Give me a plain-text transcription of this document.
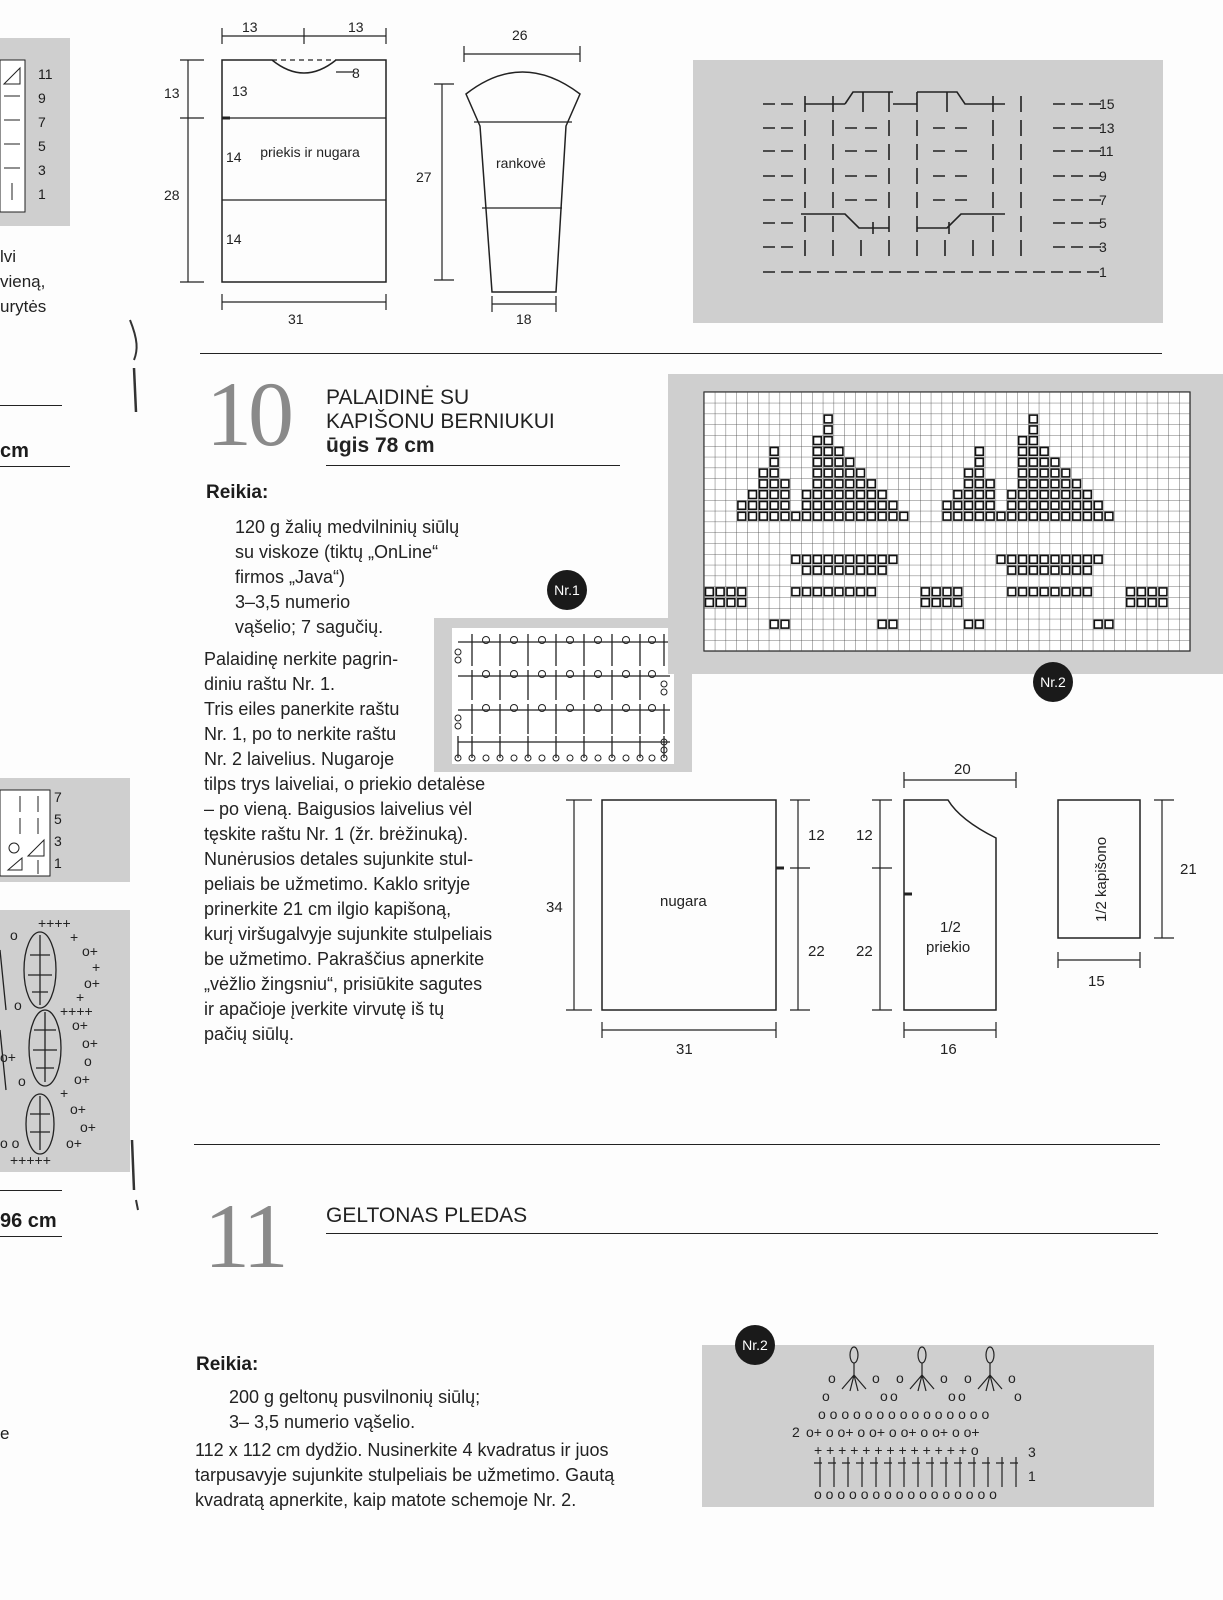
11
9
7
5
3
1
lvi
vieną,
urytės
cm
7
5
3
1
++++
+
o+
+
o+
+
++++
o+
o+
o
o+
+
o+
o+
o+
+++++
o o
o+
o
o
o
96 cm
e
13	13
8
13
28
13
14
14
31
priekis ir nugara
26
27
rankovė
18
15
13
11
9
7
5
3
1
10 PALAIDINĖ SU
KAPIŠONU BERNIUKUI
ūgis 78 cm
Reikia:
120 g žalių medvilninių siūlų
su viskoze (tiktų „OnLine“
firmos „Java“)
3–3,5 numerio
vąšelio; 7 sagučių.
Palaidinę nerkite pagrin-
diniu raštu Nr. 1.
Tris eiles panerkite raštu
Nr. 1, po to nerkite raštu
Nr. 2 laivelius. Nugaroje
tilps trys laiveliai, o priekio detalėse
– po vieną. Baigusios laivelius vėl
tęskite raštu Nr. 1 (žr. brėžinuką).
Nunėrusios detales sujunkite stul-
peliais be užmetimo. Kaklo srityje
prinerkite 21 cm ilgio kapišoną,
kurį viršugalvyje sujunkite stulpeliais
be užmetimo. Pakraščius apnerkite
„vėžlio žingsniu“, prisiūkite sagutes
ir apačioje įverkite virvutę iš tų
pačių siūlų.
Nr.1
Nr.2
34	nugara
12
22
31
20
12
22
1/2
priekio
16
21
15
1/2 kapišono
11 GELTONAS PLEDAS
Reikia:
200 g geltonų pusvilnonių siūlų;
3– 3,5 numerio vąšelio.
112 x 112 cm dydžio. Nusinerkite 4 kvadratus ir juos
tarpusavyje sujunkite stulpeliais be užmetimo. Gautą
kvadratą apnerkite, kaip matote schemoje Nr. 2.
Nr.2
o	o o	o o	o
o	o o	o o	o
o o o o o o o o o o o o o o o
o+ o o+ o o+ o o+ o o+ o o+
+ + + + + + + + + + + + + o
o o o o o o o o o o o o o o o o
2
3
1
